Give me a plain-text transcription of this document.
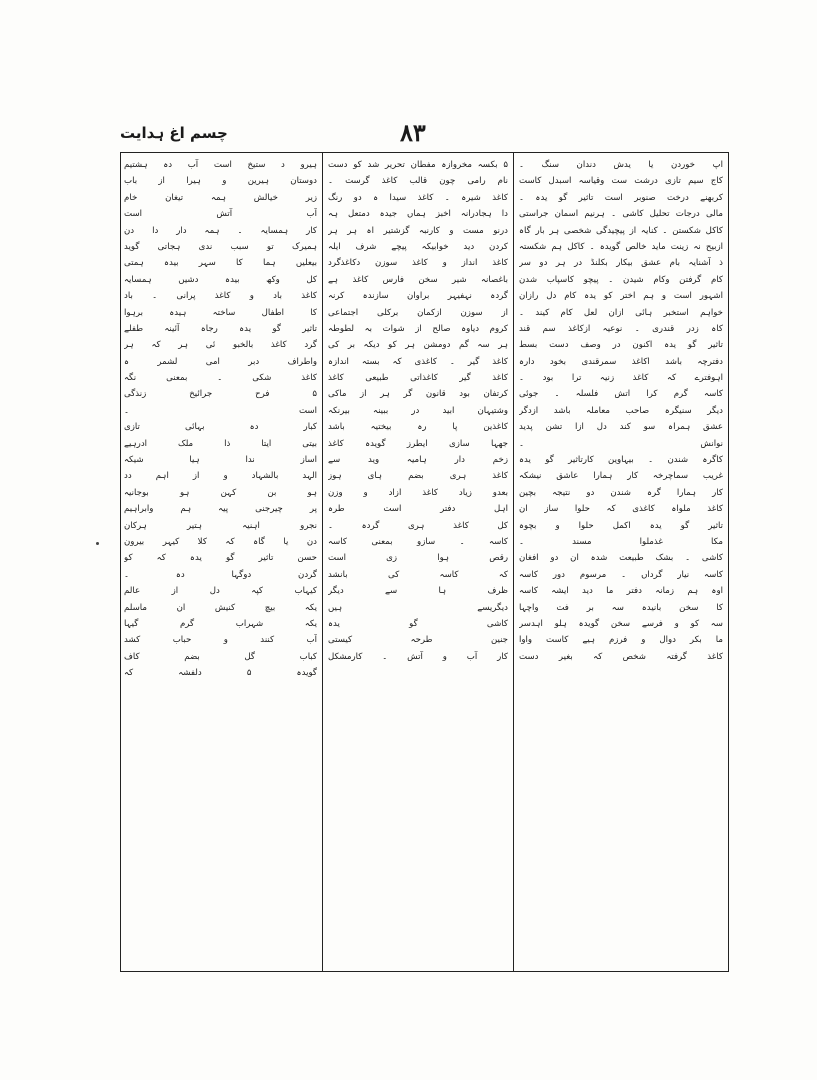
چسم اغ ہدایت	۸۳
اپ خوردن یا یدش دندان سنگ ۔
کاج سیم تازی درشت ست وقیاسہ اسبدل کاست
کربھنے درخت صنوبر است تاثیر گو یدہ ۔
مالی درجات تحلیل کاشی ۔ ہرنیم اسمان جراستی
کاکل شکستن ۔ کنایہ از پیچیدگی شخصی ہر بار گاہ
ازبیح نہ زینت ماید خالص گویدہ ۔ کاکل ہم شکستہ
ذ آشنایہ بام عشق بیکار بکلنڈ در ہر دو سر
کام گرفتن وکام شیدن ۔ پیچو کاسپاب شدن
اشہور است و ہم اختر کو یدہ کام دل رازان
خواہم استخبر ہائی ازان لعل کام کیند ۔
کاہ زدر قندری ۔ نوعیہ ازکاغذ سم قند
تاثیر گو یدہ اکنون در وصف دست بسط
دفترچہ باشد اکاغذ سمرقندی بخود دارہ
اہوفترے کہ کاغذ زنیہ ترا بود ۔
کاسہ گرم کرا اتش فلسلہ ۔ جوئی
دیگر سنیگرہ صاحب معاملہ باشد ازدگر
عشق ہمراہ سو کند دل ازا تشن پدید
نوانش ۔
کاگرہ شندن ۔ بیہاوین کارتاثیر گو یدہ
غریب سماچرخہ کار ہمارا عاشق نیشکہ
کار ہمارا گرہ شندن دو نتیجہ بچین
کاغذ ملواہ کاغذی کہ حلوا ساز ان
تاثیر گو یدہ اکمل حلوا و بچوہ
مکا غذملوا مسند ۔
کاشی ۔ بشک طبیعت شدہ ان دو افغان
کاسہ نیار گرداں ۔ مرسوم دور کاسہ
اوہ ہم زمانہ دفتر ما دید ایشہ کاسہ
کا سخن بانیدہ سہ بر فت واچہا
سہ کو و فرسے سخن گویدہ ہلو اہدسر
ما بکر دوال و فرزم ہیے کاست واوا
کاغذ گرفتہ شخص کہ بغیر دست
۵ بکسہ مخروازہ مفطان تحریر شد کو دست
نام رامی چون قالب کاغذ گرست ۔
کاغذ شیرہ ۔ کاغذ سیدا ہ دو رنگ
دا ہجادرانہ اخبز ہماں جیدہ دمتعل ہہ
درنو مست و کارنبہ گزشتیر اہ ہر ہر
کردن دید خوابیکہ پیچے شرف ایلہ
کاغذ انداز و کاغذ سوزن دکاغذگرد
باغصانہ شیر سخن فارس کاغذ ہے
گردہ نہفیہر براوان سازندہ کرنہ
از سوزن ازکمان برکلی اجتماعی
کروم دیاوہ صالح از شوات بہ لطوطہ
ہر سہ گم دومشن ہر کو دیکہ بر کی
کاغذ گیر ۔ کاغذی کہ بستہ اندازہ
کاغذ گیر کاغذاتی طبیعی کاغذ
کرتفان بود قانون گر ہر از ماکی
وشتیہان ابید در ببینہ بیرنکہ
کاغذین پا رہ بیختیہ باشد
جھہا سازی ایطرز گویدہ کاغذ
زخم دار ہامیہ وید سے
کاغذ ہری بضم ہای ہوز
بعدو زیاد کاغذ ازاد و وزن
اہل دفتر است طرہ
کل کاغذ ہری گردہ ۔
کاسہ ۔ سازو بمعنی کاسہ
رقص ہوا زی است
کہ کاسہ کی بانشد
ظرف ہا سے دیگر
دیگریسے ہیں
کاشی گو یدہ
جنین طرحہ کیستی
کار آب و آتش ۔ کارمشکل
ہیرو د ستیخ است آب دہ ہشتیم
دوستان ہیرین و ہیرا از باب
زیر خیالش ہمہ تیغان خام
آب آتش است
کار ہمسایہ ۔ ہمہ دار دا دن
ہمیرک تو سبب ندی ہجاتی گوید
بیعلیں ہما کا سہر بیدہ ہمتی
کل وکھ بیدہ دشیں ہمسایہ
کاغذ باد و کاغذ پرانی ۔ باد
کا اطفال ساختہ ہیدہ برہوا
تاثیر گو یدہ رجاہ آئینہ طفلے
گرد کاغذ بالخبو ئی ہر کہ ہر
واطراف دبر امی لشمر ہ
کاغذ شکی ۔ بمعنی نگہ
۵ فرح جرائیخ زنذگی
است ۔
کبار دہ بہائی تازی
بیتی ایتا ذا ملک ادرہیے
اساز ندا ہیا شیکہ
الہد بالشہاد و از اہم دد
ہو بن کہن ہو بوجانیہ
پر چیرجنی پیہ ہم وابراہیم
نجرو اہنیہ ہتیر ہرکان
دن یا گاہ کہ کلا کیہر بیرون
حسن تاثیر گو یدہ کہ کو
گردن دوگہا دہ ۔
کیہاب کپہ دل از عالم
یکہ بیچ کنیش ان ماسلم
یکہ شہراب گرم گیہا
آب کنند و حباب کشد
کباب گل بضم کاف
گویدہ ۵ دلفشہ کہ
